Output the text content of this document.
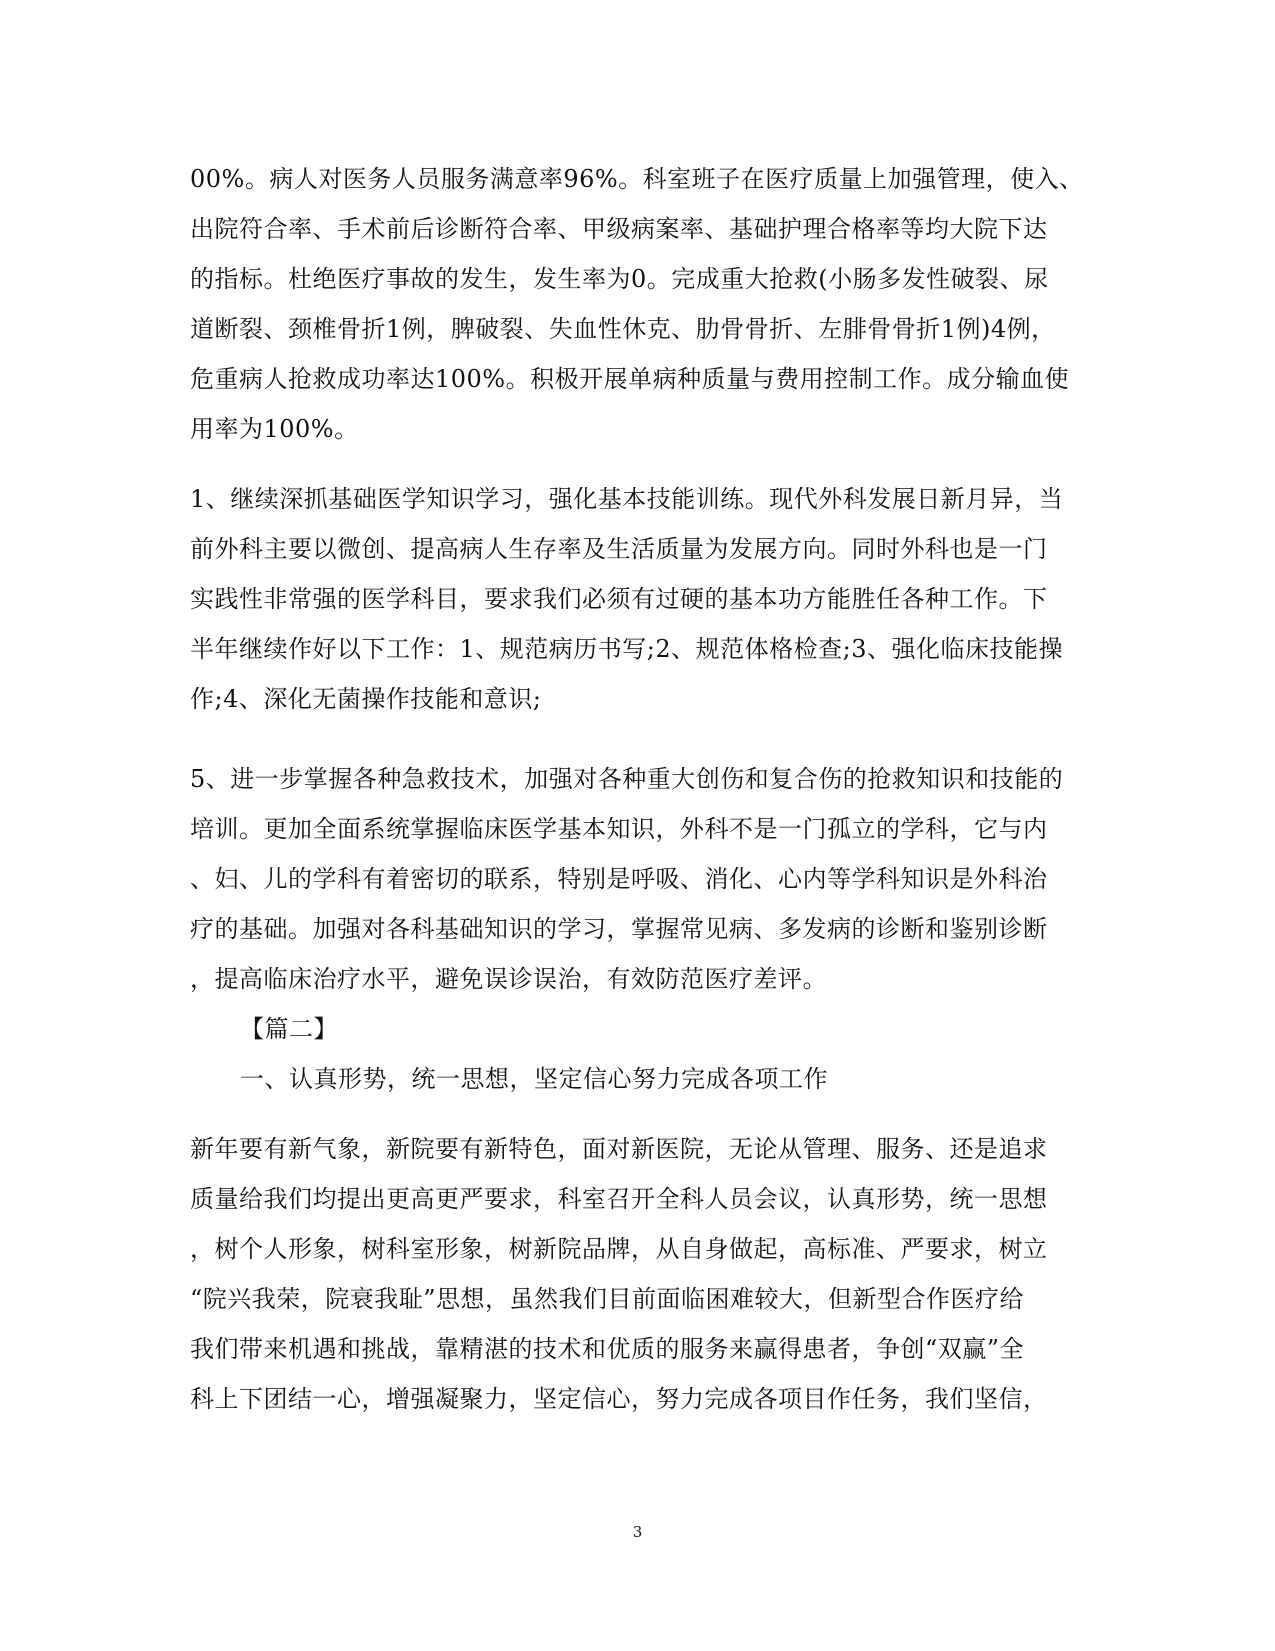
00%。病人对医务人员服务满意率96%。科室班子在医疗质量上加强管理，使入、
出院符合率、手术前后诊断符合率、甲级病案率、基础护理合格率等均大院下达
的指标。杜绝医疗事故的发生，发生率为0。完成重大抢救(小肠多发性破裂、尿
道断裂、颈椎骨折1例，脾破裂、失血性休克、肋骨骨折、左腓骨骨折1例)4例，
危重病人抢救成功率达100%。积极开展单病种质量与费用控制工作。成分输血使
用率为100%。
1、继续深抓基础医学知识学习，强化基本技能训练。现代外科发展日新月异，当
前外科主要以微创、提高病人生存率及生活质量为发展方向。同时外科也是一门
实践性非常强的医学科目，要求我们必须有过硬的基本功方能胜任各种工作。下
半年继续作好以下工作：1、规范病历书写;2、规范体格检查;3、强化临床技能操
作;4、深化无菌操作技能和意识;
5、进一步掌握各种急救技术，加强对各种重大创伤和复合伤的抢救知识和技能的
培训。更加全面系统掌握临床医学基本知识，外科不是一门孤立的学科，它与内
、妇、儿的学科有着密切的联系，特别是呼吸、消化、心内等学科知识是外科治
疗的基础。加强对各科基础知识的学习，掌握常见病、多发病的诊断和鉴别诊断
，提高临床治疗水平，避免误诊误治，有效防范医疗差评。
【篇二】
一、认真形势，统一思想，坚定信心努力完成各项工作
新年要有新气象，新院要有新特色，面对新医院，无论从管理、服务、还是追求
质量给我们均提出更高更严要求，科室召开全科人员会议，认真形势，统一思想
，树个人形象，树科室形象，树新院品牌，从自身做起，高标准、严要求，树立
“院兴我荣，院衰我耻”思想，虽然我们目前面临困难较大，但新型合作医疗给
我们带来机遇和挑战，靠精湛的技术和优质的服务来赢得患者，争创“双赢”全
科上下团结一心，增强凝聚力，坚定信心，努力完成各项目作任务，我们坚信，
3
